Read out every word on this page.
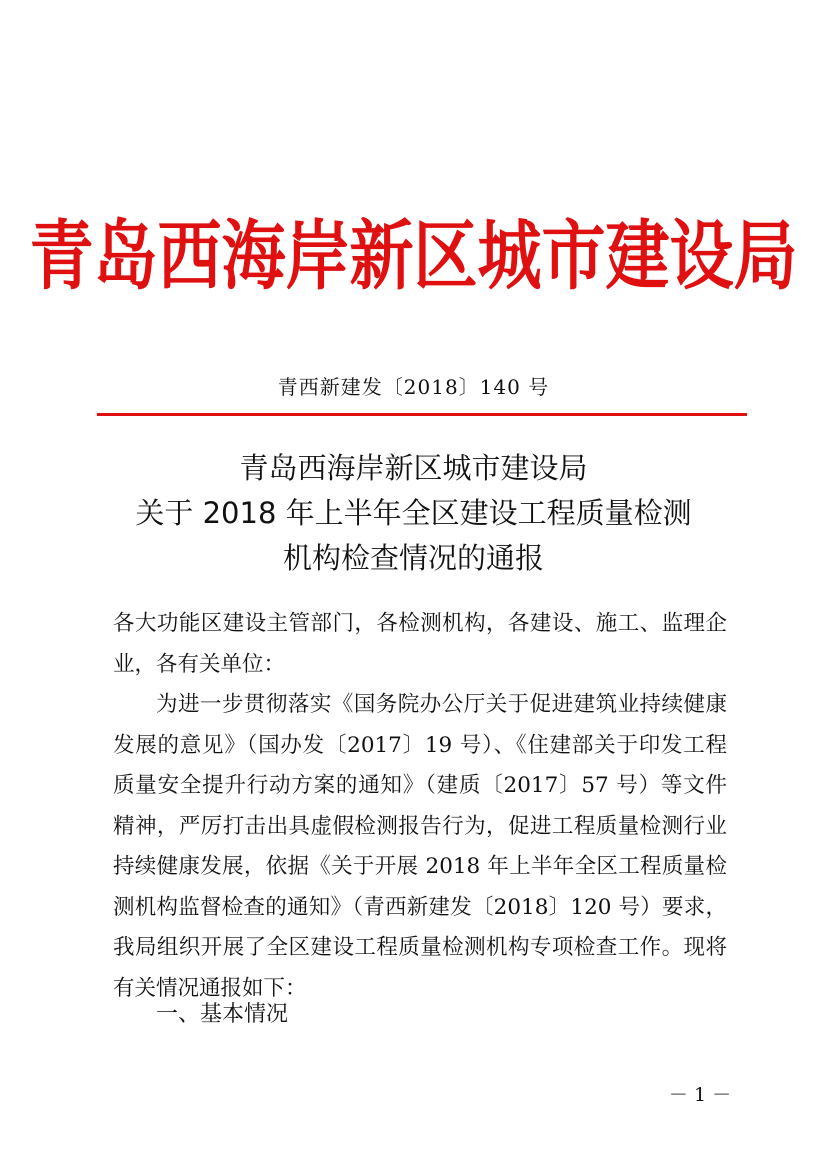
青岛西海岸新区城市建设局
青西新建发〔2018〕140 号
青岛西海岸新区城市建设局
关于 2018 年上半年全区建设工程质量检测
机构检查情况的通报

各大功能区建设主管部门，各检测机构，各建设、施工、监理企业，各有关单位：

为进一步贯彻落实《国务院办公厅关于促进建筑业持续健康发展的意见》（国办发〔2017〕19 号）、《住建部关于印发工程质量安全提升行动方案的通知》（建质〔2017〕57 号）等文件精神，严厉打击出具虚假检测报告行为，促进工程质量检测行业持续健康发展，依据《关于开展 2018 年上半年全区工程质量检测机构监督检查的通知》（青西新建发〔2018〕120 号）要求，我局组织开展了全区建设工程质量检测机构专项检查工作。现将有关情况通报如下：

一、基本情况
－ 1 －
